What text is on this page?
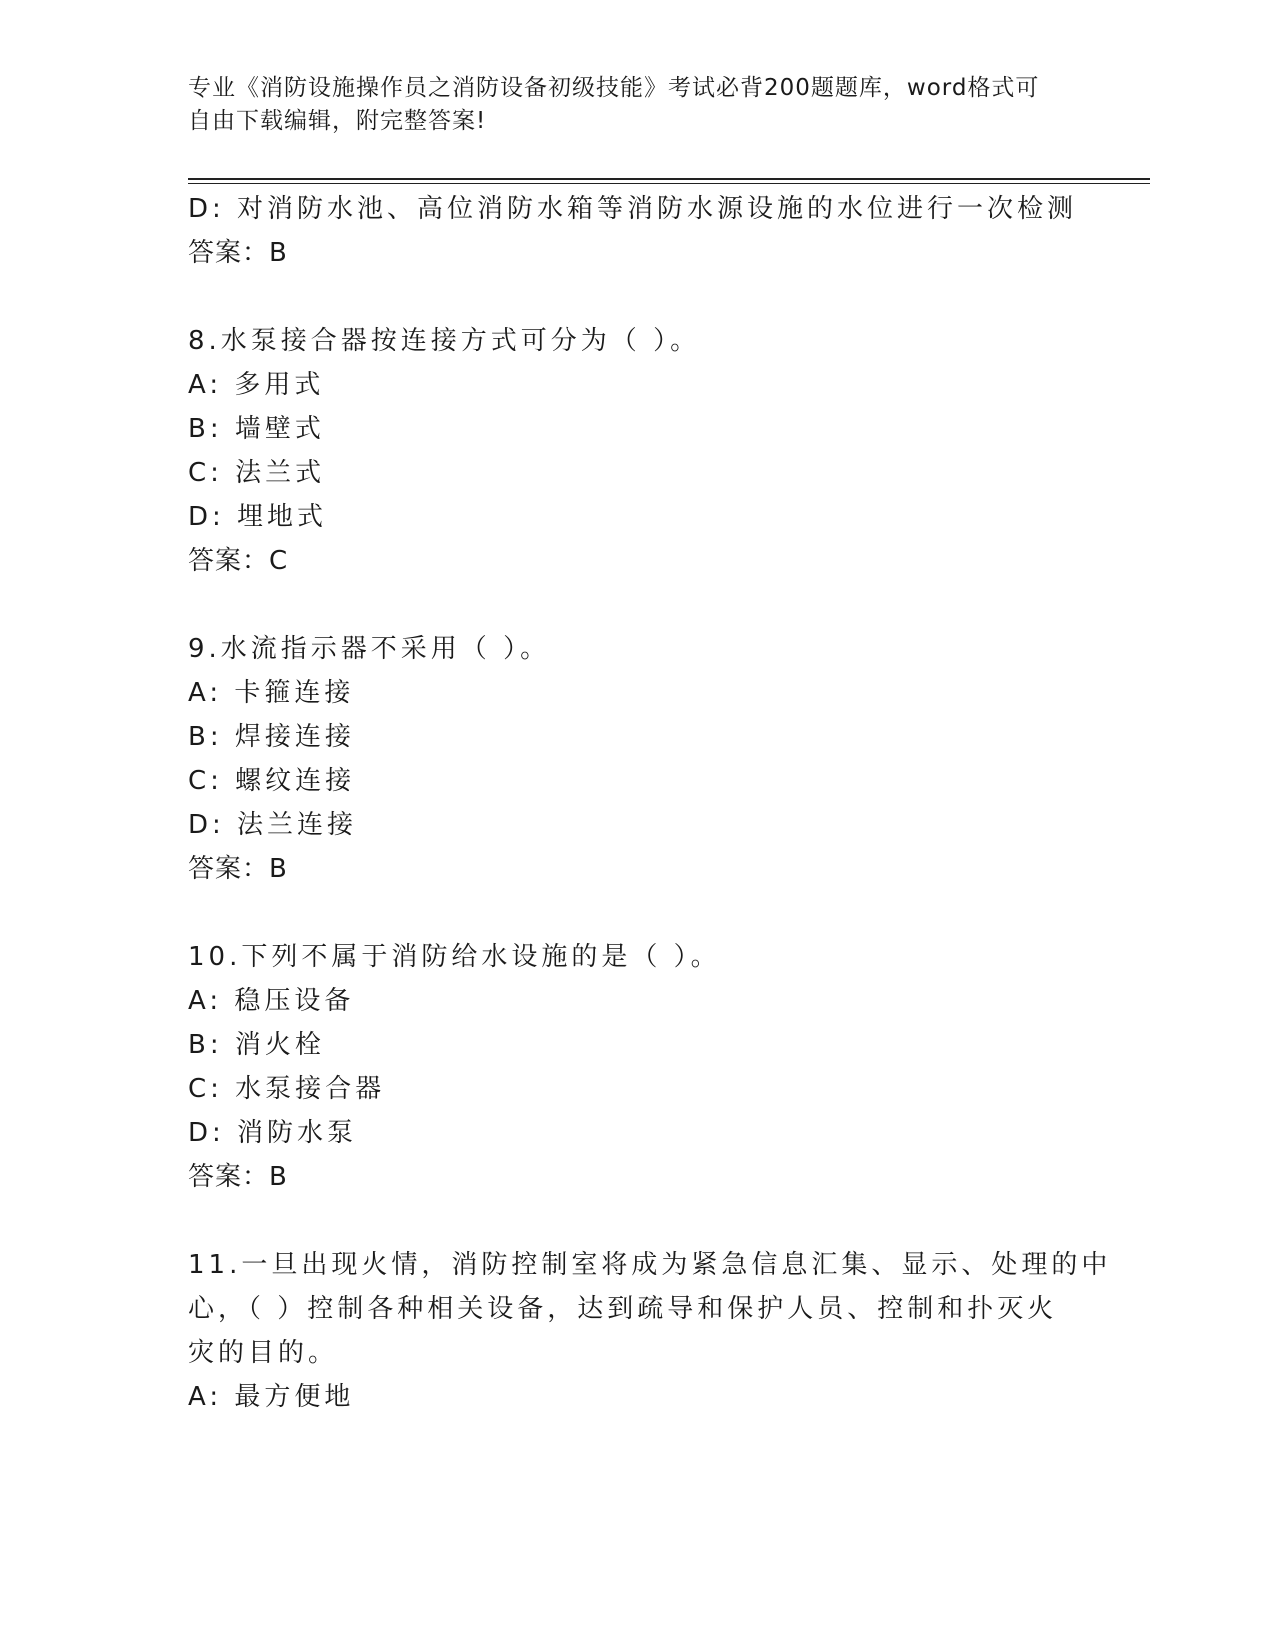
专业《消防设施操作员之消防设备初级技能》考试必背200题题库，word格式可
自由下载编辑，附完整答案!
D: 对消防水池、高位消防水箱等消防水源设施的水位进行一次检测
答案：B
8.水泵接合器按连接方式可分为（ ）。
A: 多用式
B: 墙壁式
C: 法兰式
D: 埋地式
答案：C
9.水流指示器不采用（ ）。
A: 卡箍连接
B: 焊接连接
C: 螺纹连接
D: 法兰连接
答案：B
10.下列不属于消防给水设施的是（ ）。
A: 稳压设备
B: 消火栓
C: 水泵接合器
D: 消防水泵
答案：B
11.一旦出现火情，消防控制室将成为紧急信息汇集、显示、处理的中
心，（ ）控制各种相关设备，达到疏导和保护人员、控制和扑灭火
灾的目的。
A: 最方便地
